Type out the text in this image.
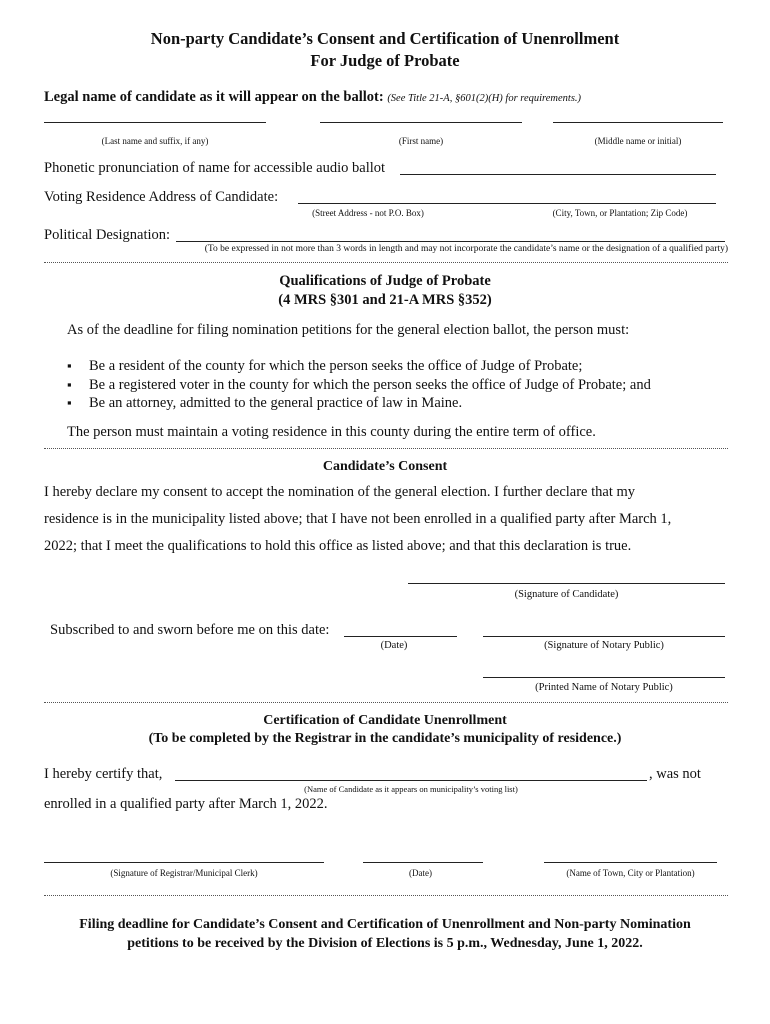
Non-party Candidate’s Consent and Certification of Unenrollment
For Judge of Probate
Legal name of candidate as it will appear on the ballot: (See Title 21-A, §601(2)(H) for requirements.)
(Last name and suffix, if any)	(First name)	(Middle name or initial)
Phonetic pronunciation of name for accessible audio ballot
Voting Residence Address of Candidate:
(Street Address - not P.O. Box)	(City, Town, or Plantation; Zip Code)
Political Designation:
(To be expressed in not more than 3 words in length and may not incorporate the candidate’s name or the designation of a qualified party)
Qualifications of Judge of Probate
(4 MRS §301 and 21-A MRS §352)
As of the deadline for filing nomination petitions for the general election ballot, the person must:
▪ Be a resident of the county for which the person seeks the office of Judge of Probate;
▪ Be a registered voter in the county for which the person seeks the office of Judge of Probate; and
▪ Be an attorney, admitted to the general practice of law in Maine.
The person must maintain a voting residence in this county during the entire term of office.
Candidate’s Consent
I hereby declare my consent to accept the nomination of the general election. I further declare that my
residence is in the municipality listed above; that I have not been enrolled in a qualified party after March 1,
2022; that I meet the qualifications to hold this office as listed above; and that this declaration is true.
(Signature of Candidate)
Subscribed to and sworn before me on this date:
(Date)	(Signature of Notary Public)
(Printed Name of Notary Public)
Certification of Candidate Unenrollment
(To be completed by the Registrar in the candidate’s municipality of residence.)
I hereby certify that,	, was not
(Name of Candidate as it appears on municipality’s voting list)
enrolled in a qualified party after March 1, 2022.
(Signature of Registrar/Municipal Clerk)	(Date)	(Name of Town, City or Plantation)
Filing deadline for Candidate’s Consent and Certification of Unenrollment and Non-party Nomination
petitions to be received by the Division of Elections is 5 p.m., Wednesday, June 1, 2022.
